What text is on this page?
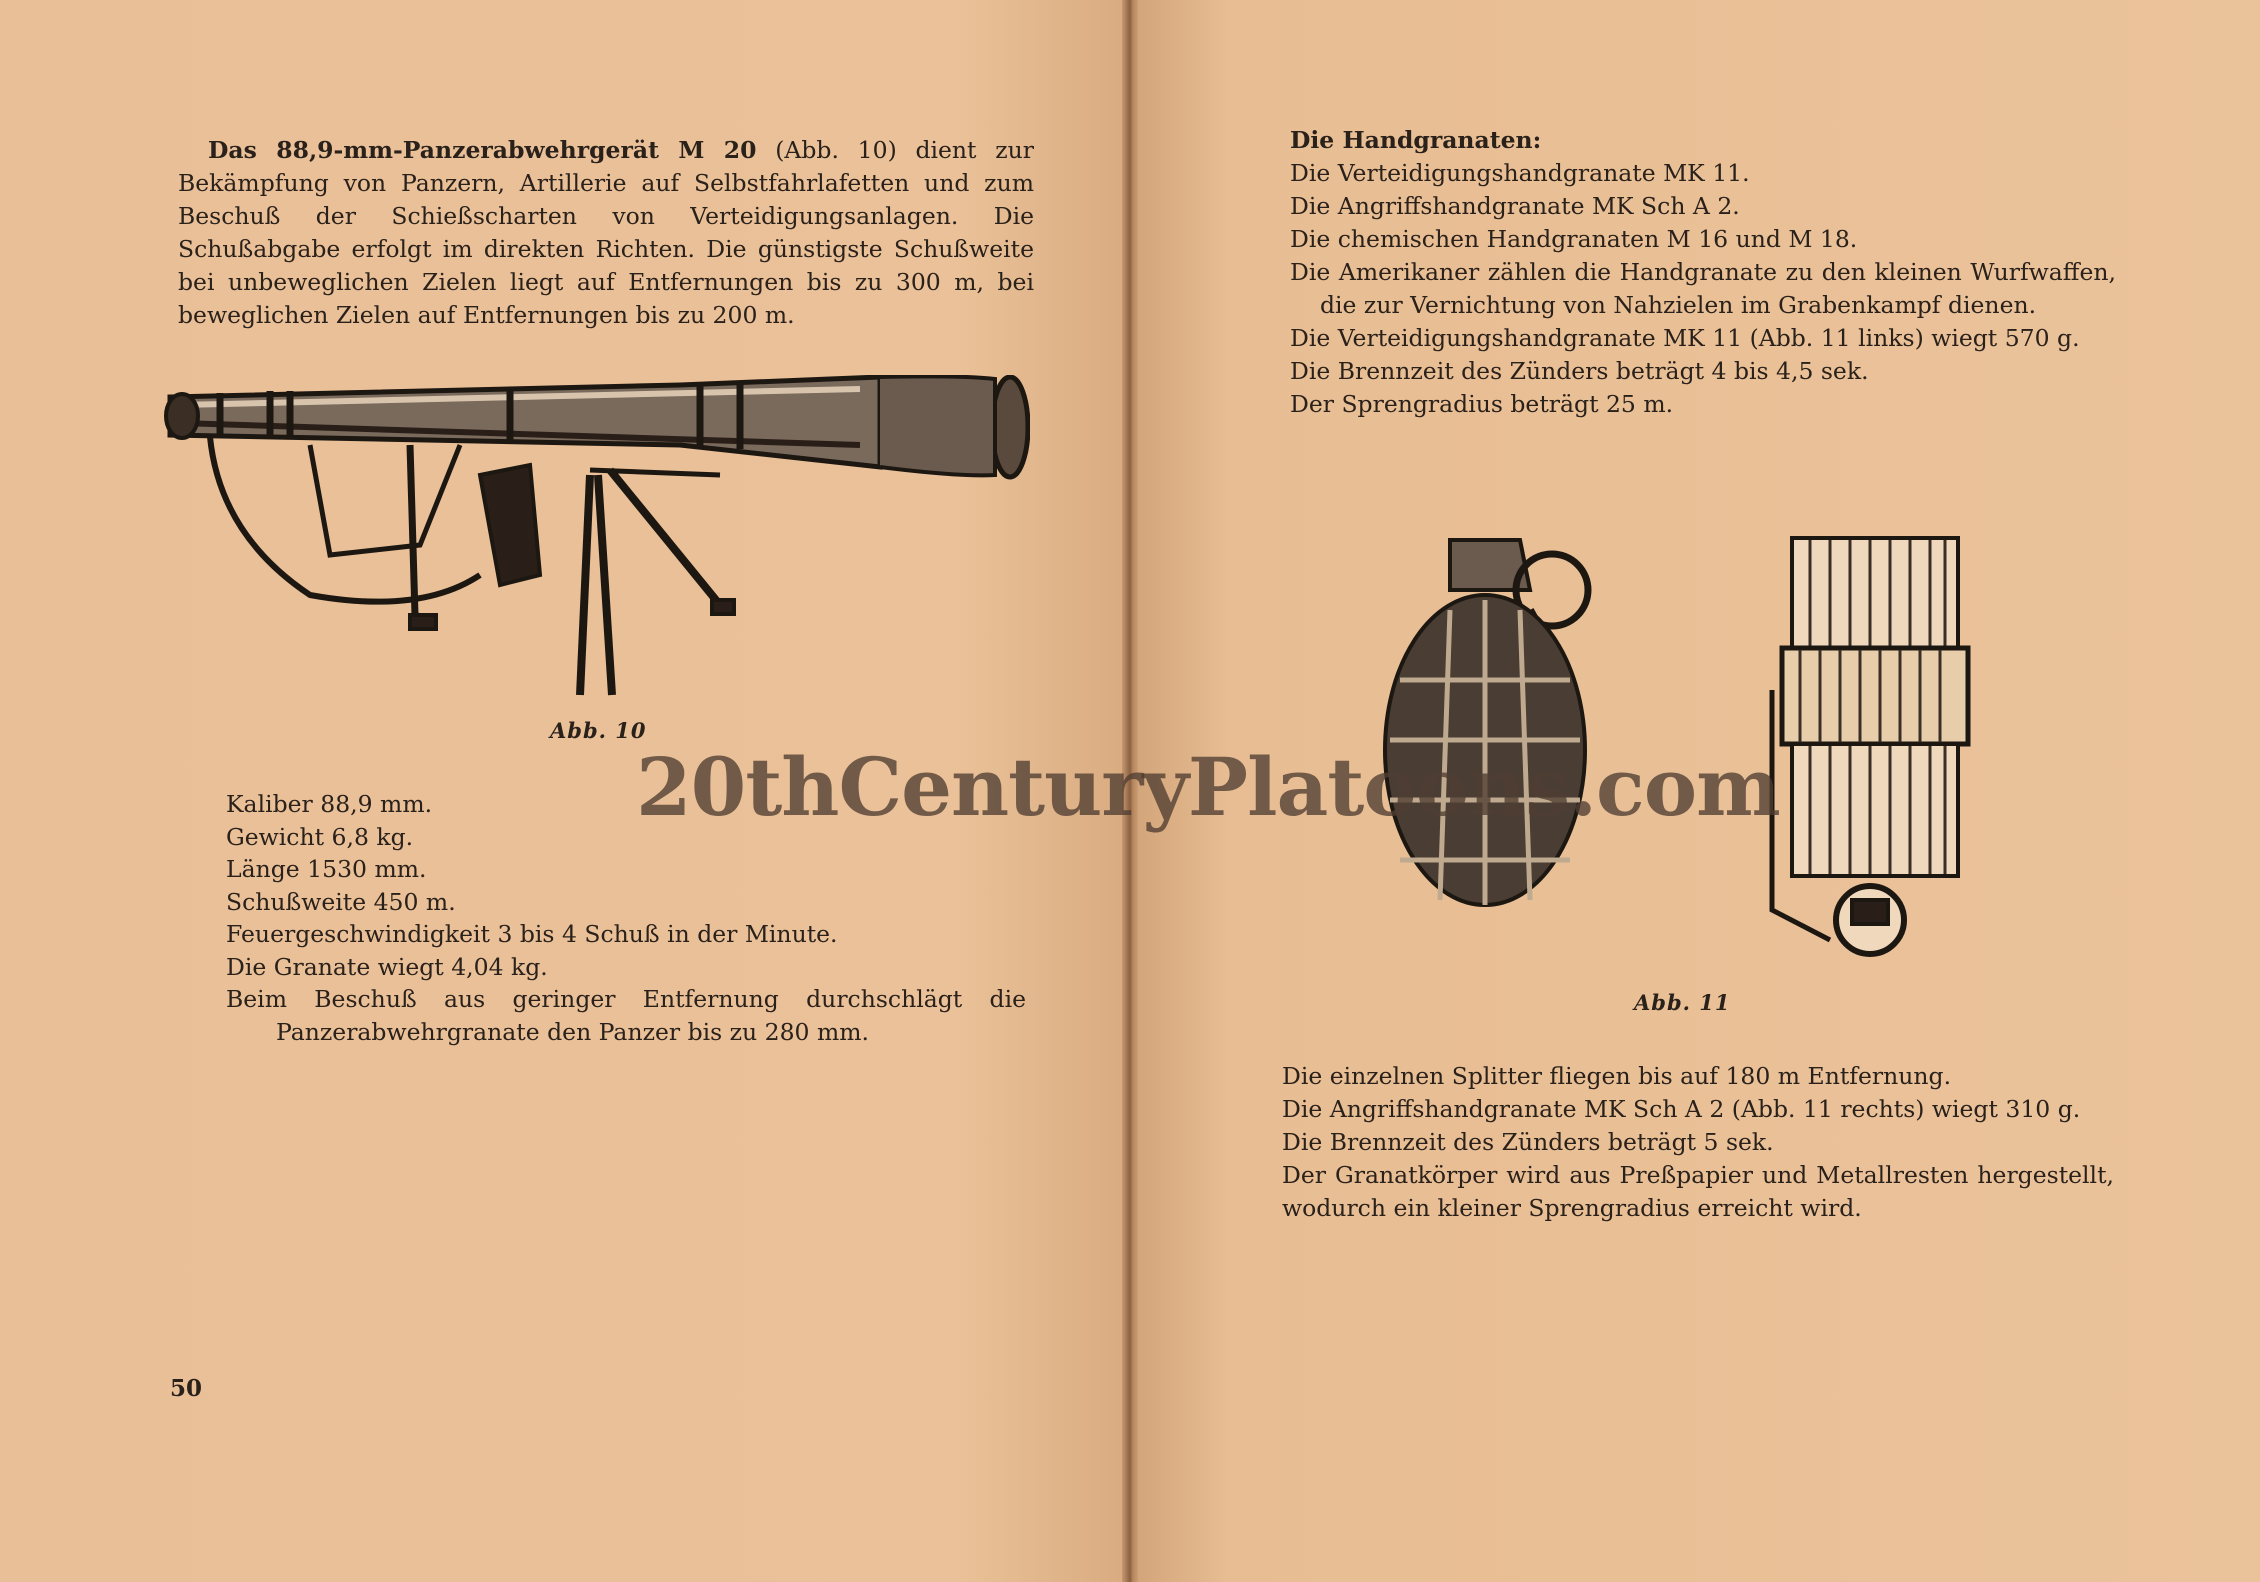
Das 88,9-mm-Panzerabwehrgerät M 20 (Abb. 10) dient zur Bekämpfung von Panzern, Artillerie auf Selbstfahrlafetten und zum Beschuß der Schießscharten von Verteidigungsanlagen. Die Schußabgabe erfolgt im direkten Richten. Die günstigste Schußweite bei unbeweglichen Zielen liegt auf Entfernungen bis zu 300 m, bei beweglichen Zielen auf Entfernungen bis zu 200 m.

Abb. 10
Kaliber 88,9 mm.
Gewicht 6,8 kg.
Länge 1530 mm.
Schußweite 450 m.
Feuergeschwindigkeit 3 bis 4 Schuß in der Minute.
Die Granate wiegt 4,04 kg.
Beim Beschuß aus geringer Entfernung durchschlägt die Panzerabwehrgranate den Panzer bis zu 280 mm.
50
Die Handgranaten:

Die Verteidigungshandgranate MK 11.

Die Angriffshandgranate MK Sch A 2.

Die chemischen Handgranaten M 16 und M 18.

Die Amerikaner zählen die Handgranate zu den kleinen Wurfwaffen, die zur Vernichtung von Nahzielen im Grabenkampf dienen.

Die Verteidigungshandgranate MK 11 (Abb. 11 links) wiegt 570 g.

Die Brennzeit des Zünders beträgt 4 bis 4,5 sek.

Der Sprengradius beträgt 25 m.

Abb. 11

Die einzelnen Splitter fliegen bis auf 180 m Entfernung.

Die Angriffshandgranate MK Sch A 2 (Abb. 11 rechts) wiegt 310 g.

Die Brennzeit des Zünders beträgt 5 sek.

Der Granatkörper wird aus Preßpapier und Metallresten hergestellt, wodurch ein kleiner Sprengradius erreicht wird.

20thCenturyPlatoons.com
